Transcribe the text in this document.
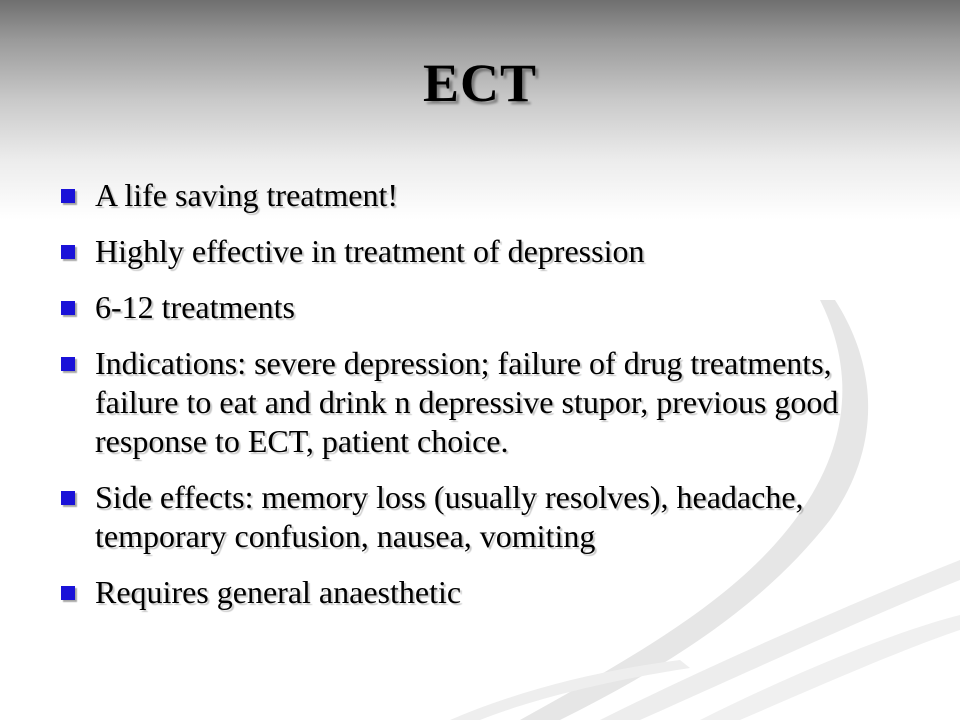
ECT
A life saving treatment!
Highly effective in treatment of depression
6-12 treatments
Indications: severe depression; failure of drug treatments, failure to eat and drink n depressive stupor, previous good response to ECT, patient choice.
Side effects: memory loss (usually resolves), headache, temporary confusion, nausea, vomiting
Requires general anaesthetic
